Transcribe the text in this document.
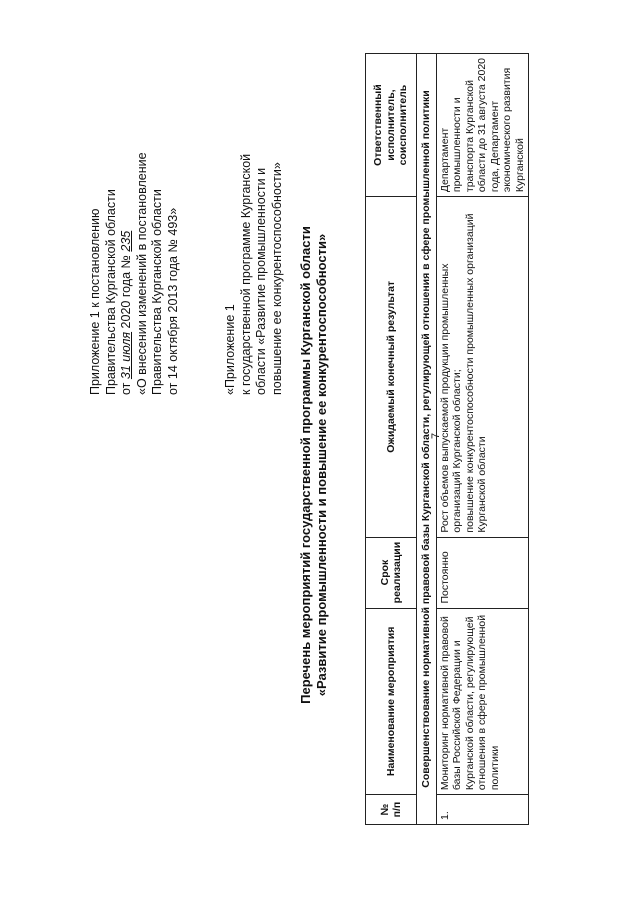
7
Приложение 1 к постановлению Правительства Курганской области от 31 июля 2020 года № 235 «О внесении изменений в постановление Правительства Курганской области от 14 октября 2013 года № 493»	«Приложение 1 к государственной программе Курганской области «Развитие промышленности и повышение ее конкурентоспособности» Перечень мероприятий государственной программы Курганской области «Развитие промышленности и повышение ее конкурентоспособности»
№ п/п	Наименование мероприятия	Срок реализации	Ожидаемый конечный результат	Ответственный исполнитель, соисполнитель
Совершенствование нормативной правовой базы Курганской области, регулирующей отношения в сфере промышленной политики				
1.	Мониторинг нормативной правовой базы Российской Федерации и Курганской области, регулирующей отношения в сфере промышленной политики	Постоянно	Рост объемов выпускаемой продукции промышленных организаций Курганской области; повышение конкурентоспособности промышленных организаций Курганской области	Департамент промышленности и транспорта Курганской области до 31 августа 2020 года, Департамент экономического развития Курганской
